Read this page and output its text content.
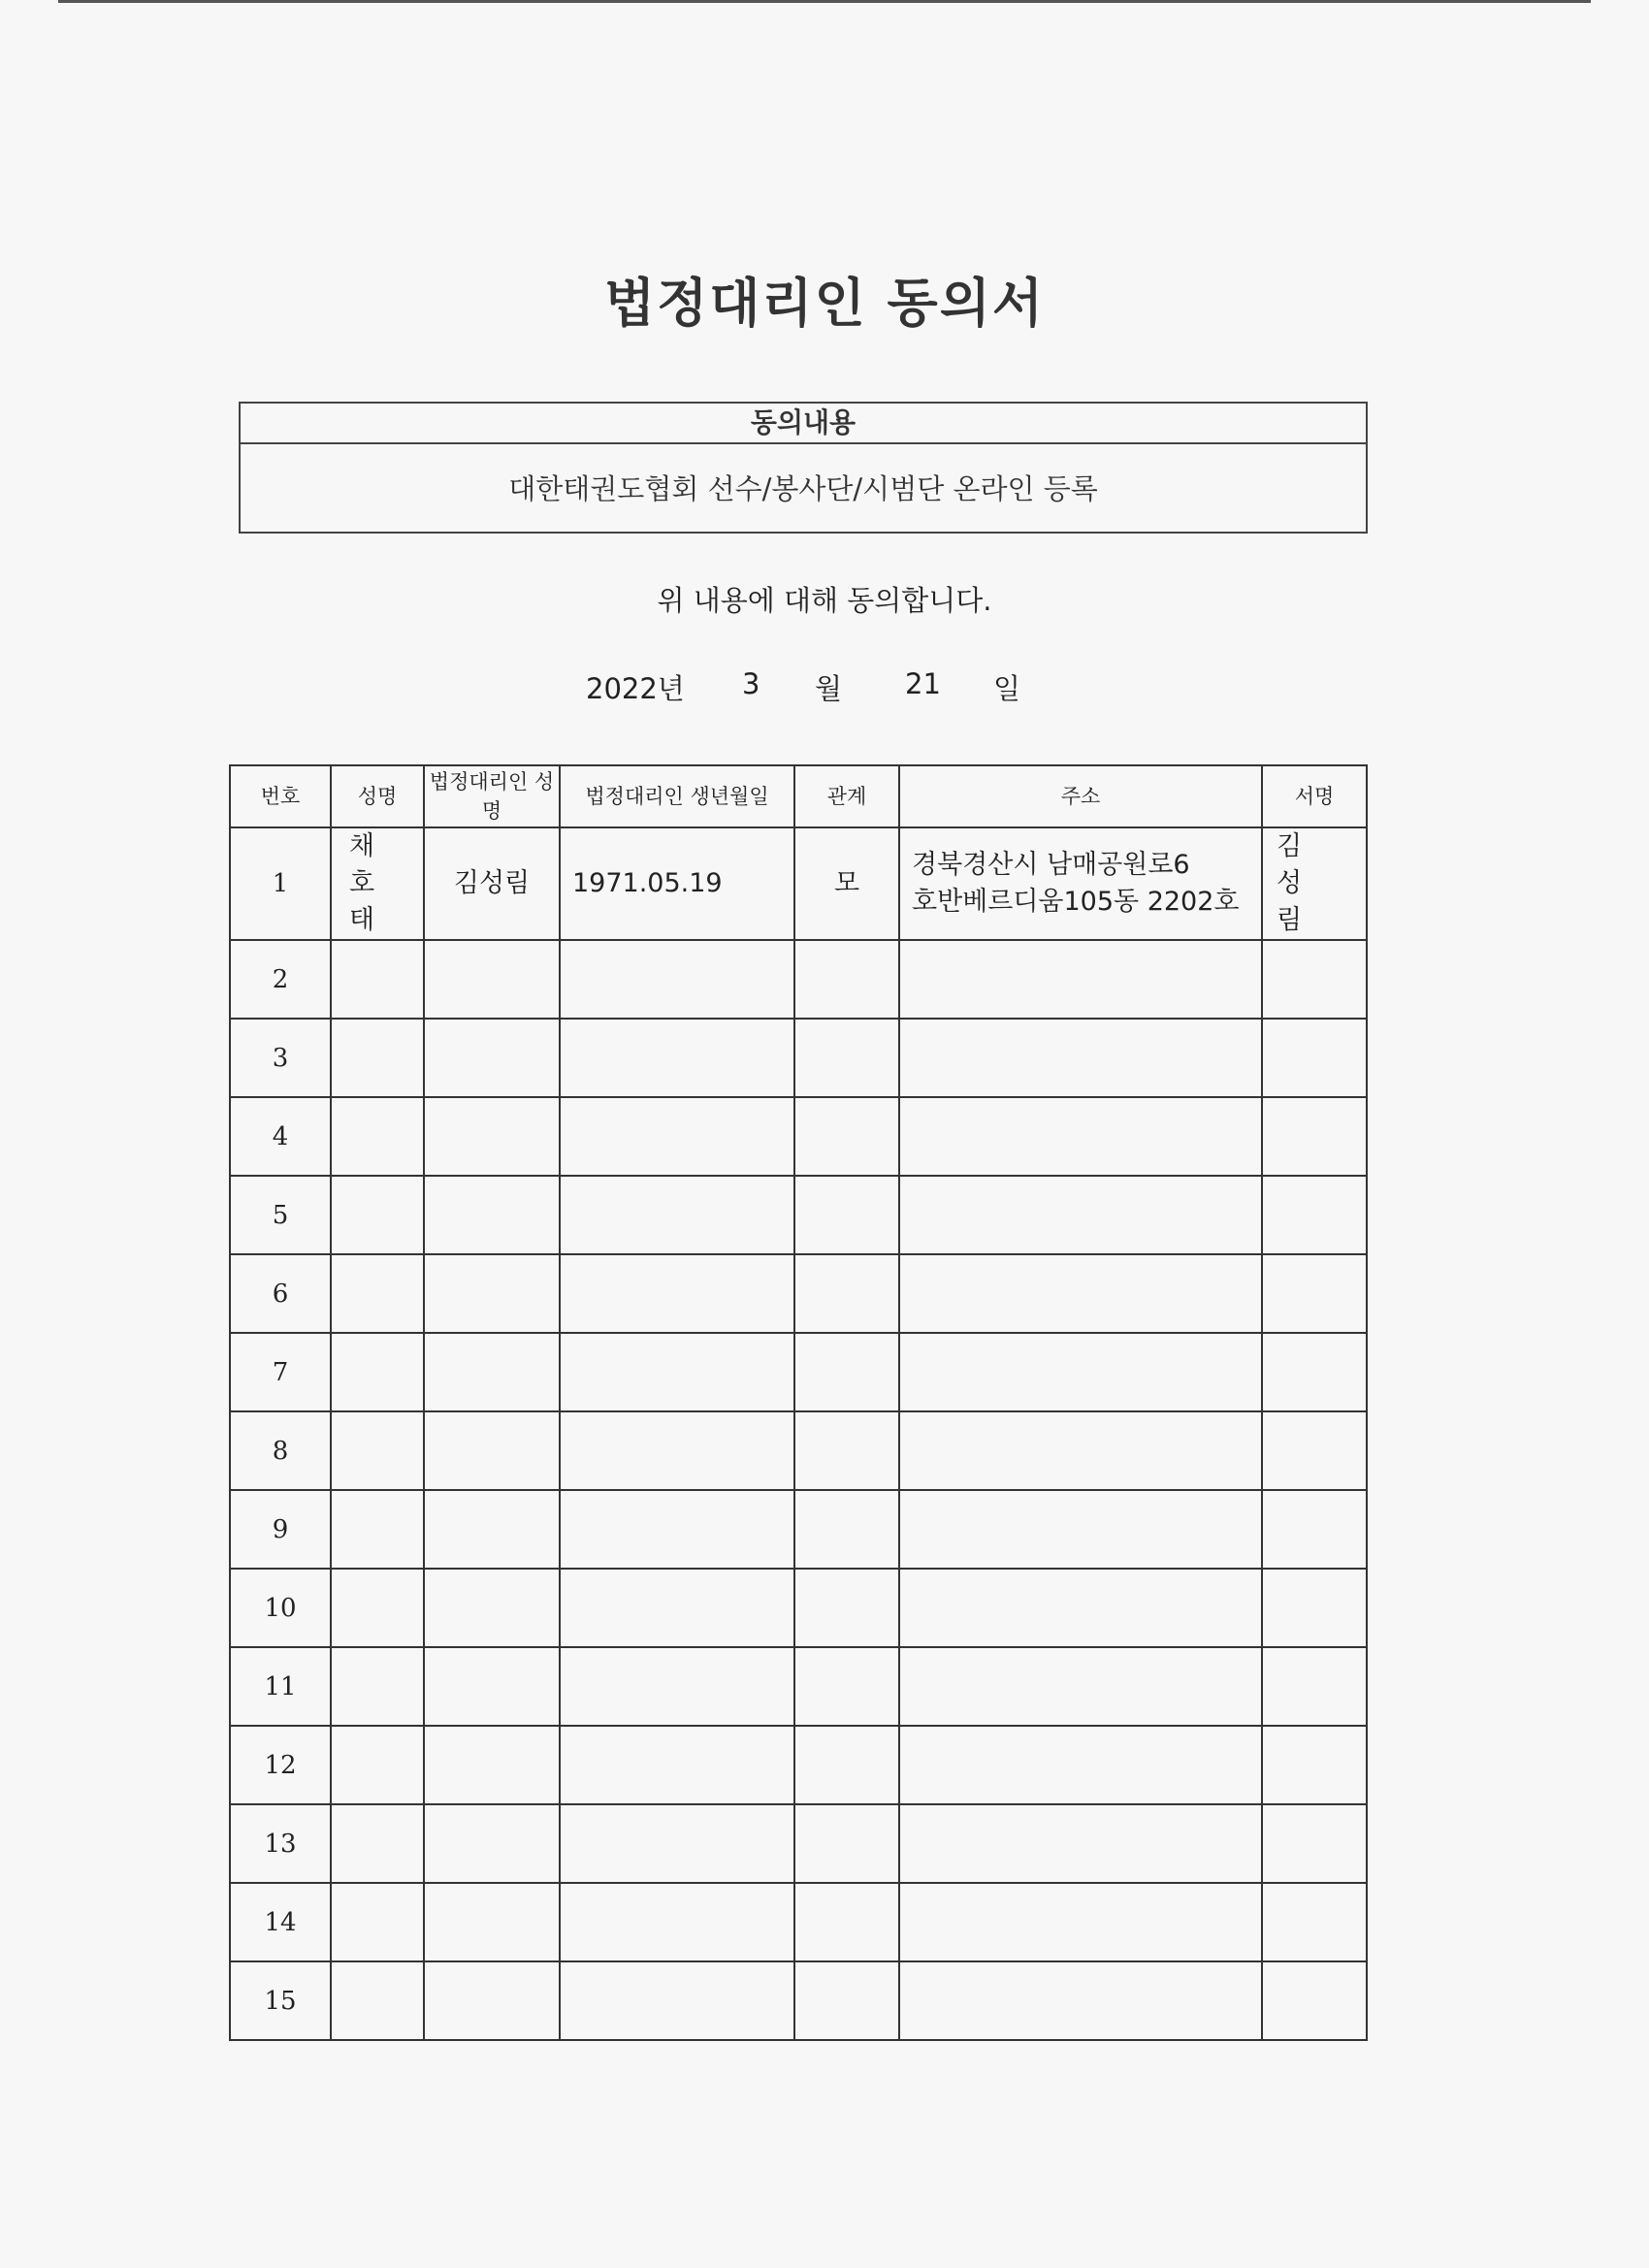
법정대리인 동의서
동의내용
대한태권도협회 선수/봉사단/시범단 온라인 등록
위 내용에 대해 동의합니다.
2022년 3 월 21 일
번호	성명	법정대리인 성명	법정대리인 생년월일	관계	주소	서명
1	채 호 태	김성림	1971.05.19	모	경북경산시 남매공원로6
호반베르디움105동 2202호	김 성 림
2						
3						
4						
5						
6						
7						
8						
9						
10						
11						
12						
13						
14						
15						
